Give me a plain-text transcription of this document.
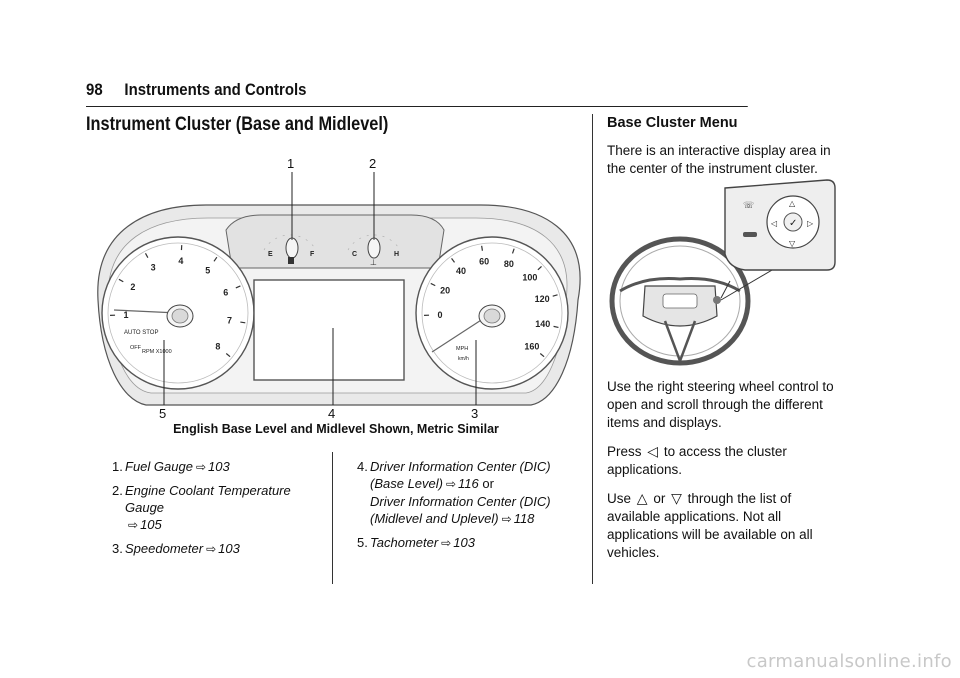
98 Instruments and Controls
Instrument Cluster (Base and Midlevel)
1
2
3
4
5
6
7
8
AUTO STOP
OFF
RPM X1000
0
20
40
60 80
100
120
140
160
MPH
km/h
E	F	C	H
⊥
1	2
3
4
5
English Base Level and Midlevel Shown, Metric Similar
1. Fuel Gauge ⇨ 103
2. Engine Coolant Temperature Gauge
⇨ 105
3. Speedometer ⇨ 103
4. Driver Information Center (DIC) (Base Level) ⇨ 116 or
Driver Information Center (DIC) (Midlevel and Uplevel) ⇨ 118
5. Tachometer ⇨ 103
Base Cluster Menu

There is an interactive display area in the center of the instrument cluster.

✓
△
▽
◁	▷
☏

Use the right steering wheel control to open and scroll through the different items and displays.

Press ◁ to access the cluster applications.

Use △ or ▽ through the list of available applications. Not all applications will be available on all vehicles.

carmanualsonline.info
